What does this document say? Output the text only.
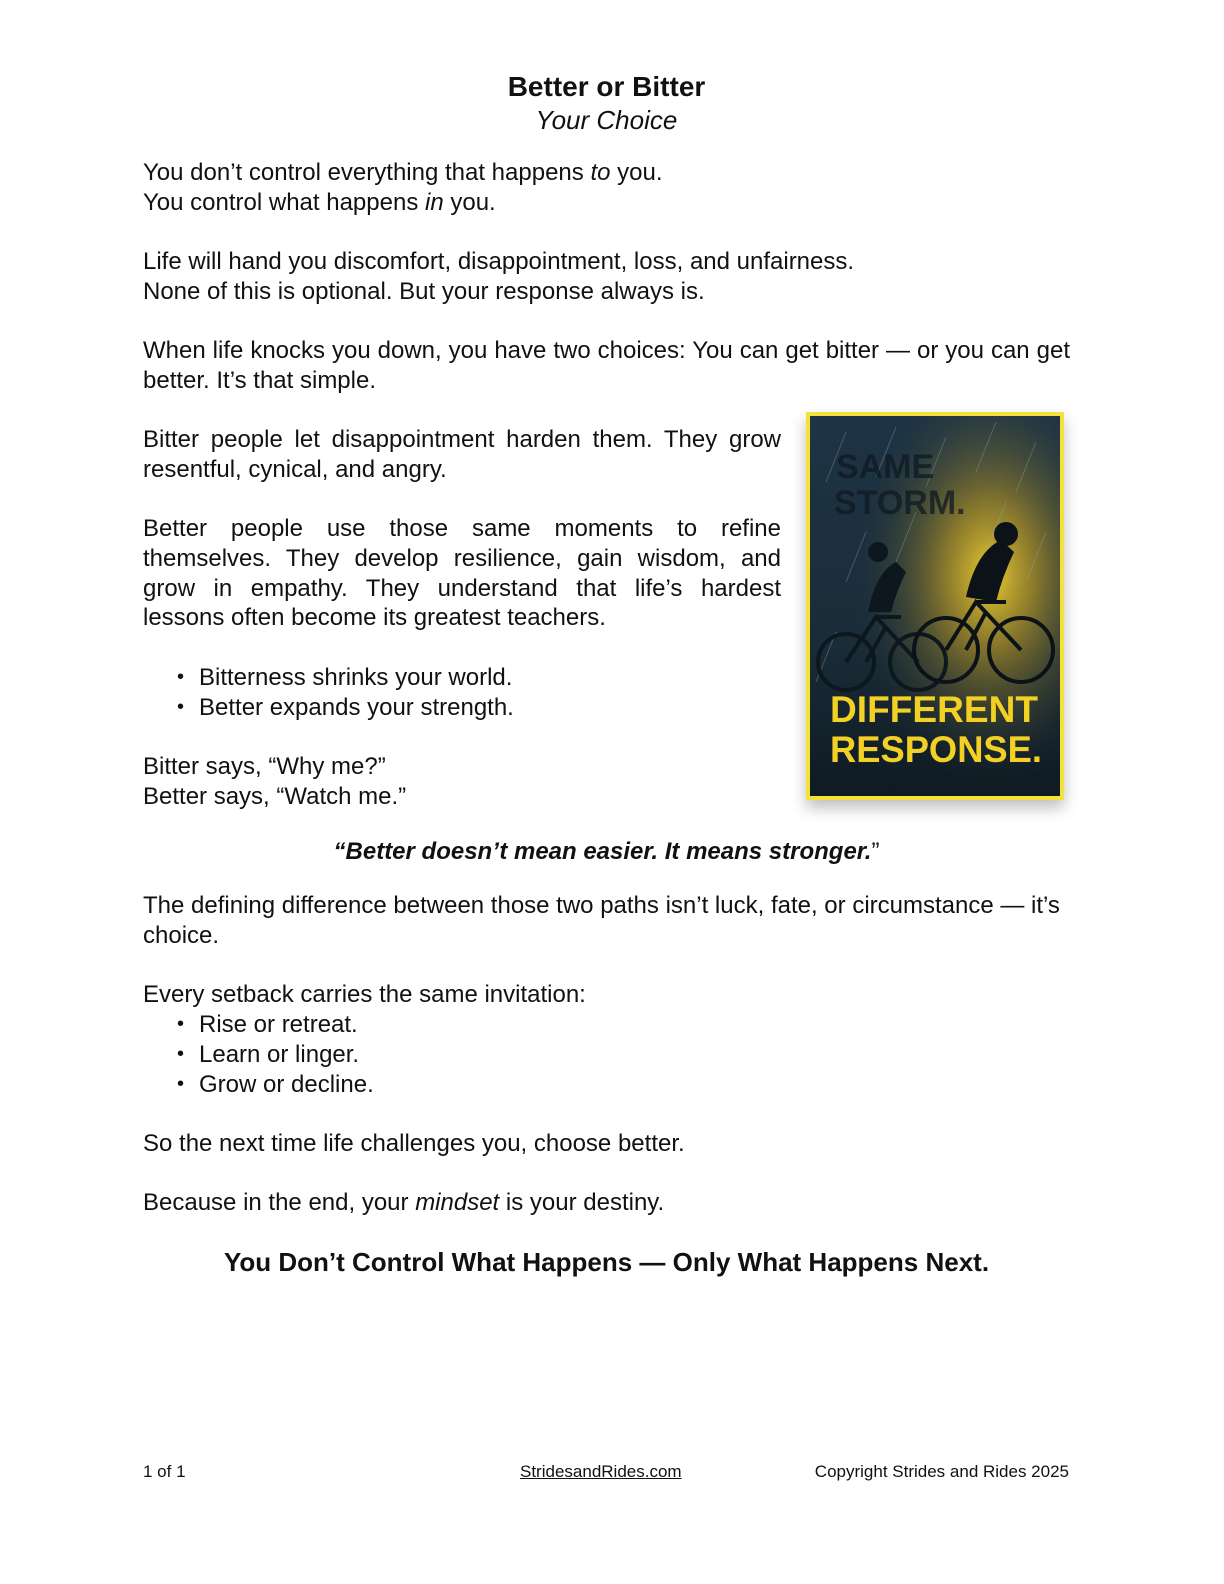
Better or Bitter
Your Choice

You don’t control everything that happens to you.

You control what happens in you.

Life will hand you discomfort, disappointment, loss, and unfairness.

None of this is optional. But your response always is.

When life knocks you down, you have two choices: You can get bitter — or you can get better. It’s that simple.

Bitter people let disappointment harden them. They grow resentful, cynical, and angry.

Better people use those same moments to refine themselves. They develop resilience, gain wisdom, and grow in empathy. They understand that life’s hardest lessons often become its greatest teachers.

• Bitterness shrinks your world.
• Better expands your strength.

Bitter says, “Why me?”

Better says, “Watch me.”

“Better doesn’t mean easier. It means stronger.”

The defining difference between those two paths isn’t luck, fate, or circumstance — it’s choice.

Every setback carries the same invitation:

• Rise or retreat.
• Learn or linger.
• Grow or decline.

So the next time life challenges you, choose better.

Because in the end, your mindset is your destiny.

You Don’t Control What Happens — Only What Happens Next.
SAME
STORM.
DIFFERENT
RESPONSE.
1 of 1	StridesandRides.com	Copyright Strides and Rides 2025
